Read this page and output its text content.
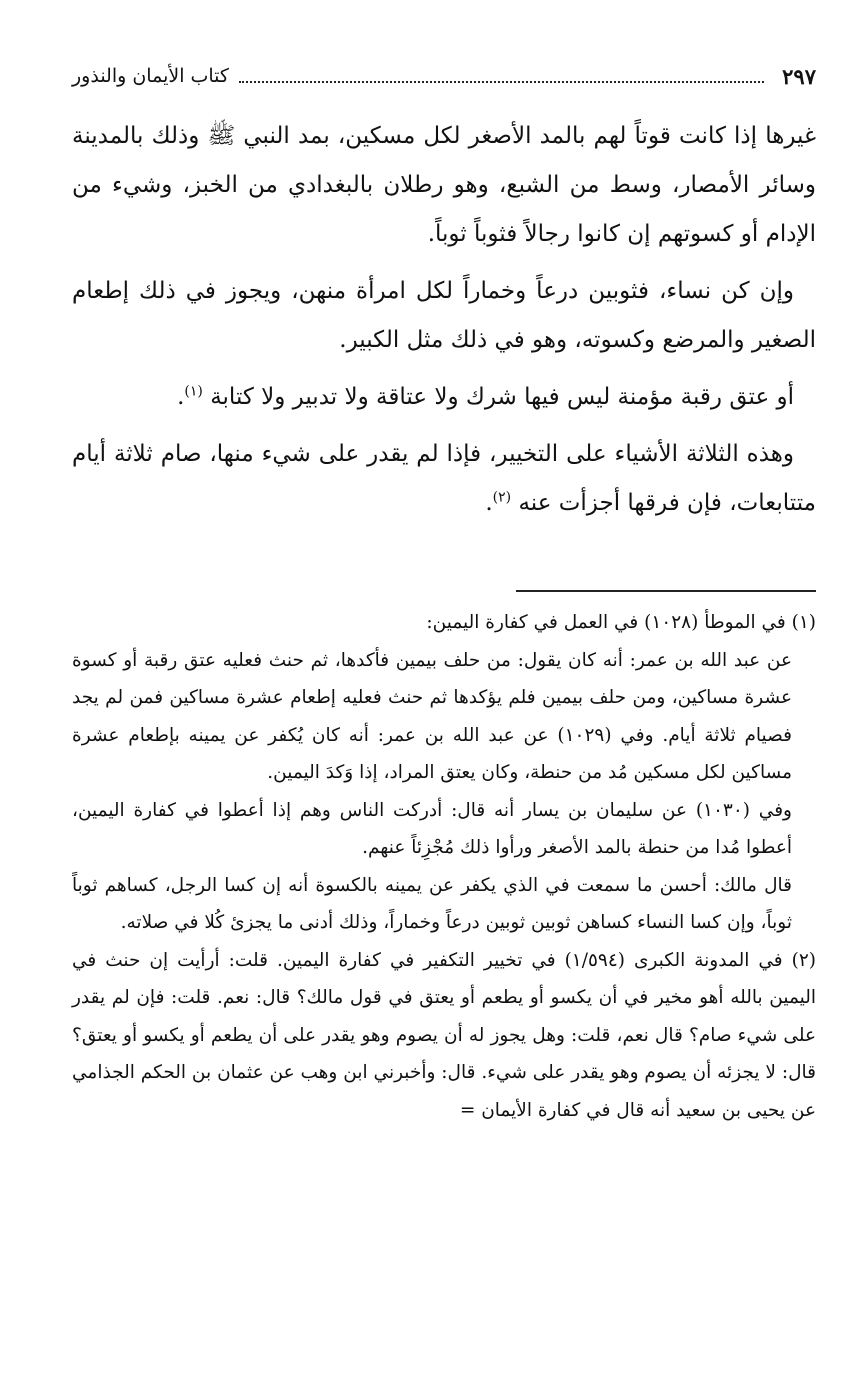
٢٩٧
كتاب الأيمان والنذور

غيرها إذا كانت قوتاً لهم بالمد الأصغر لكل مسكين، بمد النبي ﷺ وذلك بالمدينة وسائر الأمصار، وسط من الشبع، وهو رطلان بالبغدادي من الخبز، وشيء من الإدام أو كسوتهم إن كانوا رجالاً فثوباً ثوباً.

وإن كن نساء، فثوبين درعاً وخماراً لكل امرأة منهن، ويجوز في ذلك إطعام الصغير والمرضع وكسوته، وهو في ذلك مثل الكبير.

أو عتق رقبة مؤمنة ليس فيها شرك ولا عتاقة ولا تدبير ولا كتابة $^{(١)}$.

وهذه الثلاثة الأشياء على التخيير، فإذا لم يقدر على شيء منها، صام ثلاثة أيام متتابعات، فإن فرقها أجزأت عنه $^{(٢)}$.

(١) في الموطأ (١٠٢٨) في العمل في كفارة اليمين:

عن عبد الله بن عمر: أنه كان يقول: من حلف بيمين فأكدها، ثم حنث فعليه عتق رقبة أو كسوة عشرة مساكين، ومن حلف بيمين فلم يؤكدها ثم حنث فعليه إطعام عشرة مساكين فمن لم يجد فصيام ثلاثة أيام. وفي (١٠٢٩) عن عبد الله بن عمر: أنه كان يُكفر عن يمينه بإطعام عشرة مساكين لكل مسكين مُد من حنطة، وكان يعتق المراد، إذا وَكدَ اليمين.

وفي (١٠٣٠) عن سليمان بن يسار أنه قال: أدركت الناس وهم إذا أعطوا في كفارة اليمين، أعطوا مُدا من حنطة بالمد الأصغر ورأوا ذلك مُجْزِئاً عنهم.

قال مالك: أحسن ما سمعت في الذي يكفر عن يمينه بالكسوة أنه إن كسا الرجل، كساهم ثوباً ثوباً، وإن كسا النساء كساهن ثوبين ثوبين درعاً وخماراً، وذلك أدنى ما يجزئ كُلا في صلاته.

(٢) في المدونة الكبرى (١/٥٩٤) في تخيير التكفير في كفارة اليمين. قلت: أرأيت إن حنث في اليمين بالله أهو مخير في أن يكسو أو يطعم أو يعتق في قول مالك؟ قال: نعم. قلت: فإن لم يقدر على شيء صام؟ قال نعم، قلت: وهل يجوز له أن يصوم وهو يقدر على أن يطعم أو يكسو أو يعتق؟ قال: لا يجزئه أن يصوم وهو يقدر على شيء. قال: وأخبرني ابن وهب عن عثمان بن الحكم الجذامي عن يحيى بن سعيد أنه قال في كفارة الأيمان =
